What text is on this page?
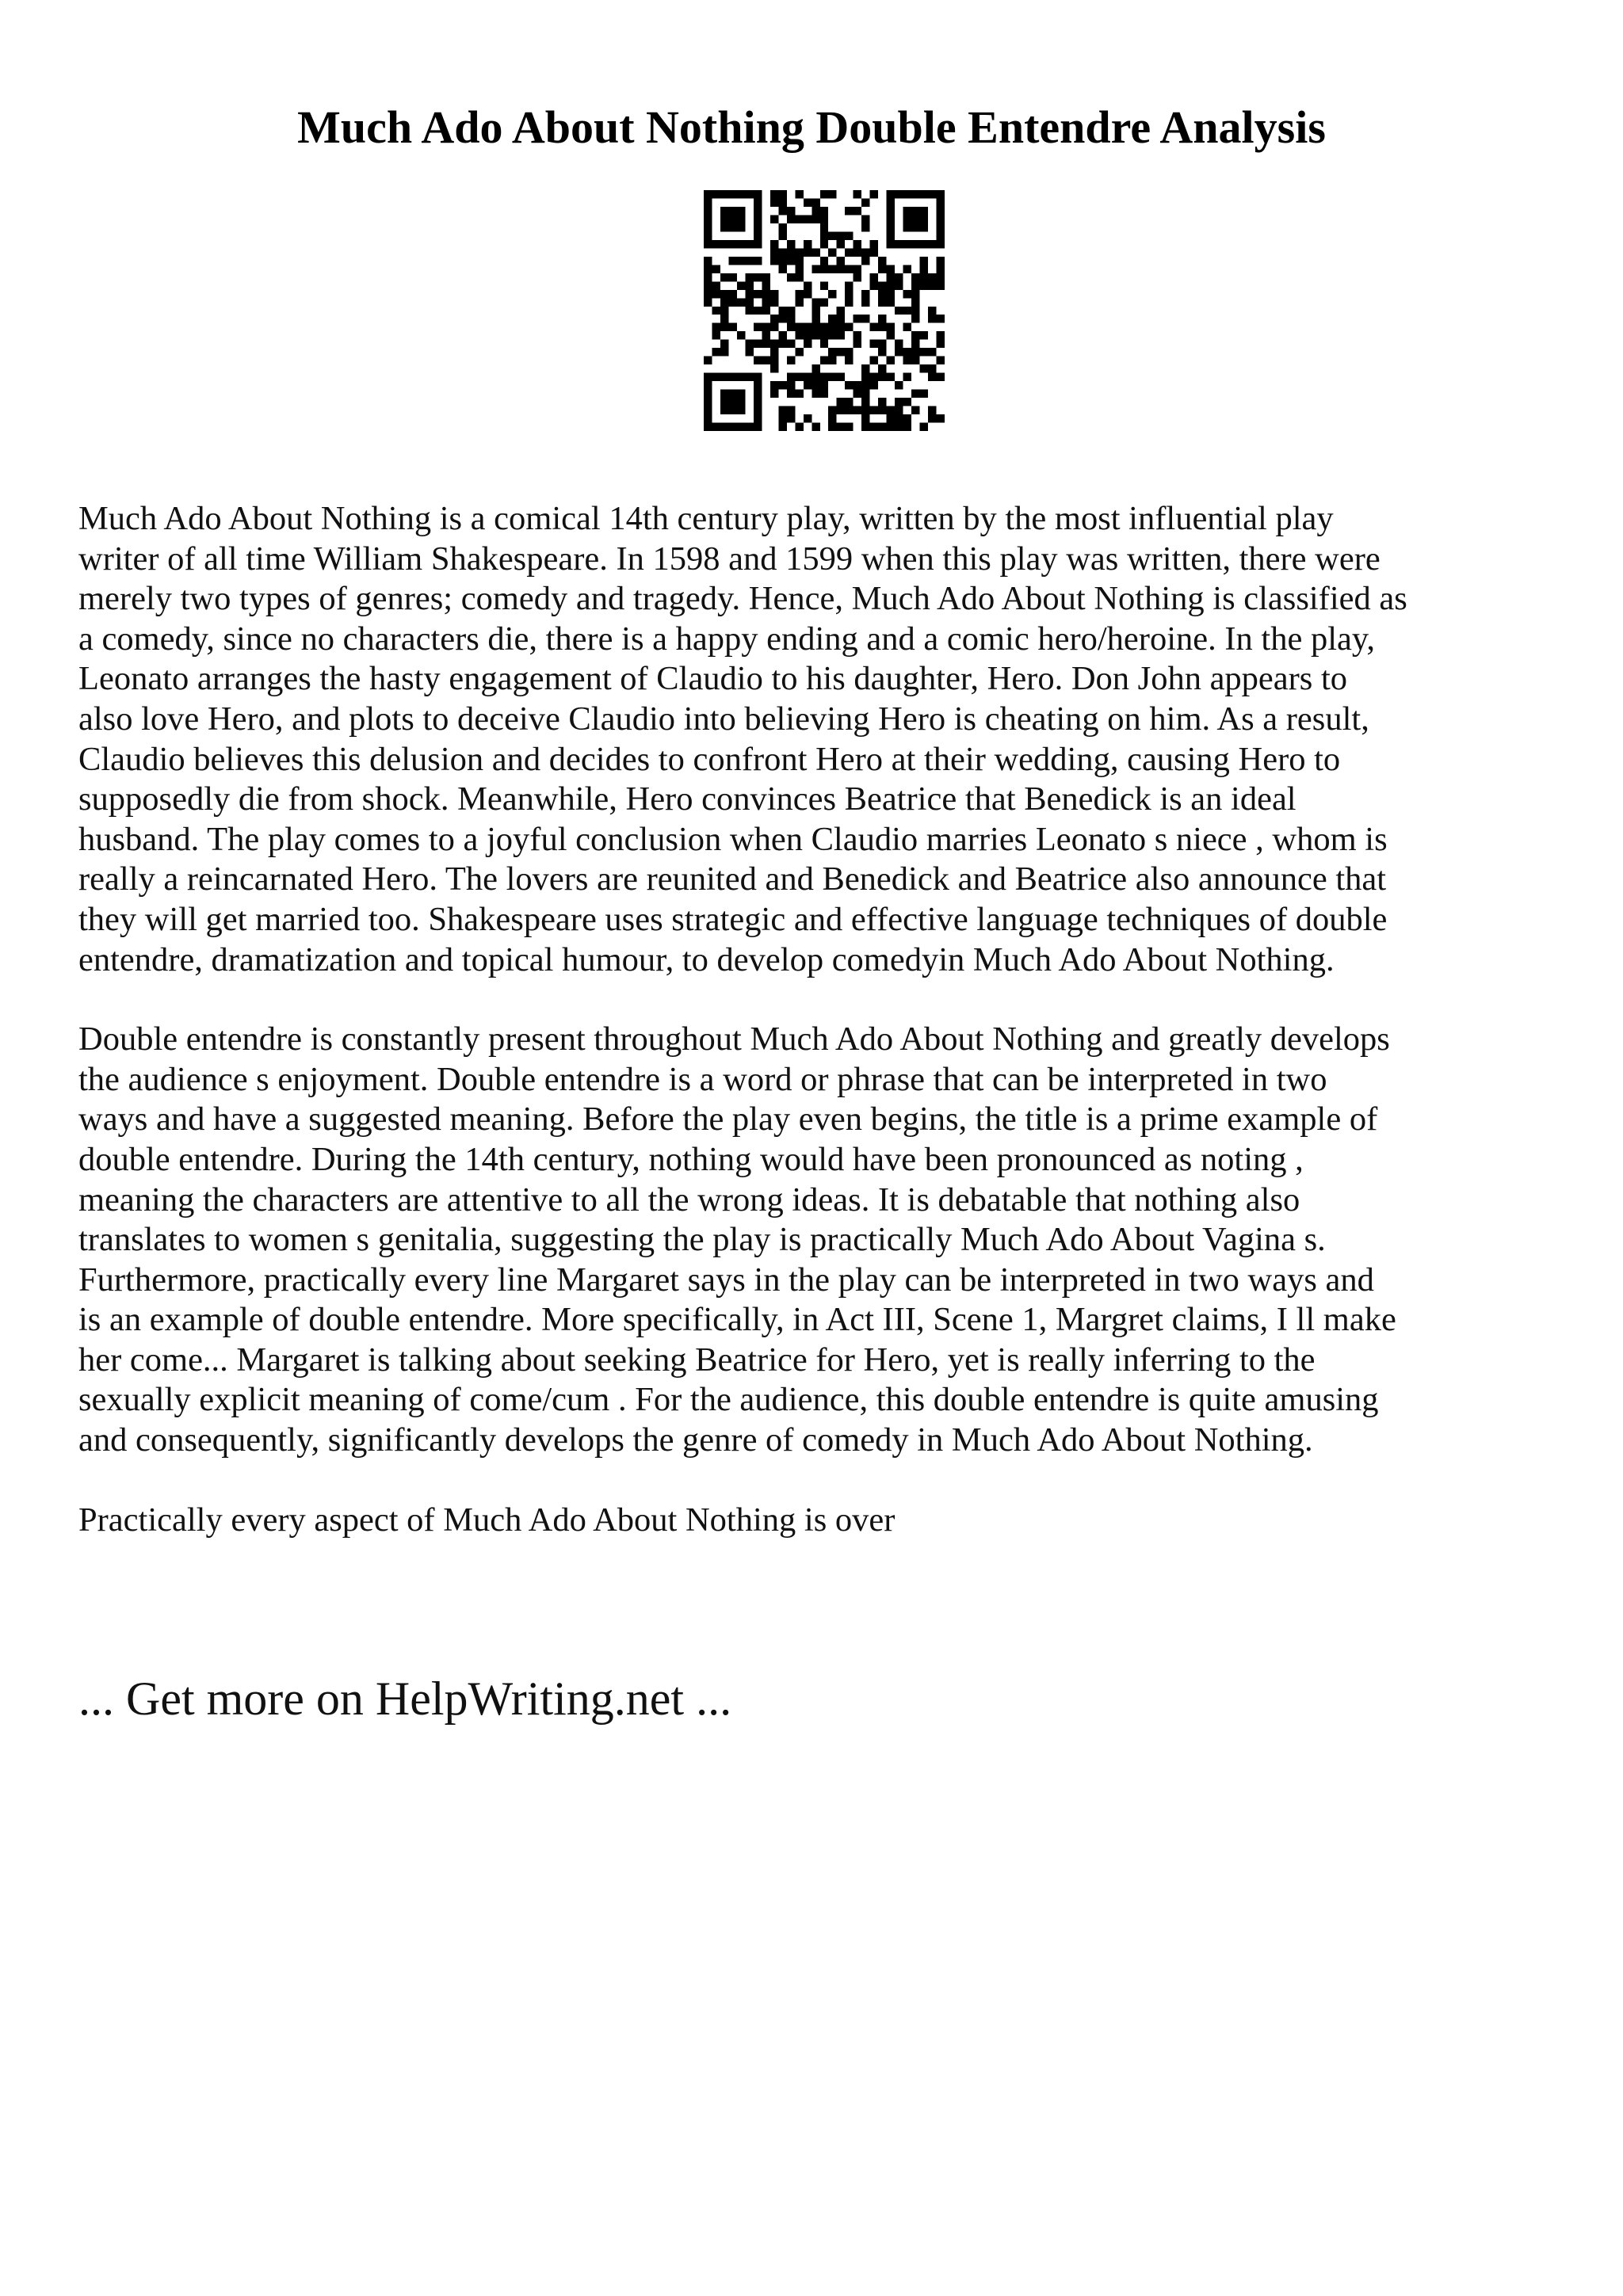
Much Ado About Nothing Double Entendre Analysis

Much Ado About Nothing is a comical 14th century play, written by the most influential play
writer of all time William Shakespeare. In 1598 and 1599 when this play was written, there were
merely two types of genres; comedy and tragedy. Hence, Much Ado About Nothing is classified as
a comedy, since no characters die, there is a happy ending and a comic hero/heroine. In the play,
Leonato arranges the hasty engagement of Claudio to his daughter, Hero. Don John appears to
also love Hero, and plots to deceive Claudio into believing Hero is cheating on him. As a result,
Claudio believes this delusion and decides to confront Hero at their wedding, causing Hero to
supposedly die from shock. Meanwhile, Hero convinces Beatrice that Benedick is an ideal
husband. The play comes to a joyful conclusion when Claudio marries Leonato s niece , whom is
really a reincarnated Hero. The lovers are reunited and Benedick and Beatrice also announce that
they will get married too. Shakespeare uses strategic and effective language techniques of double
entendre, dramatization and topical humour, to develop comedyin Much Ado About Nothing.

Double entendre is constantly present throughout Much Ado About Nothing and greatly develops
the audience s enjoyment. Double entendre is a word or phrase that can be interpreted in two
ways and have a suggested meaning. Before the play even begins, the title is a prime example of
double entendre. During the 14th century, nothing would have been pronounced as noting ,
meaning the characters are attentive to all the wrong ideas. It is debatable that nothing also
translates to women s genitalia, suggesting the play is practically Much Ado About Vagina s.
Furthermore, practically every line Margaret says in the play can be interpreted in two ways and
is an example of double entendre. More specifically, in Act III, Scene 1, Margret claims, I ll make
her come... Margaret is talking about seeking Beatrice for Hero, yet is really inferring to the
sexually explicit meaning of come/cum . For the audience, this double entendre is quite amusing
and consequently, significantly develops the genre of comedy in Much Ado About Nothing.

Practically every aspect of Much Ado About Nothing is over

... Get more on HelpWriting.net ...
